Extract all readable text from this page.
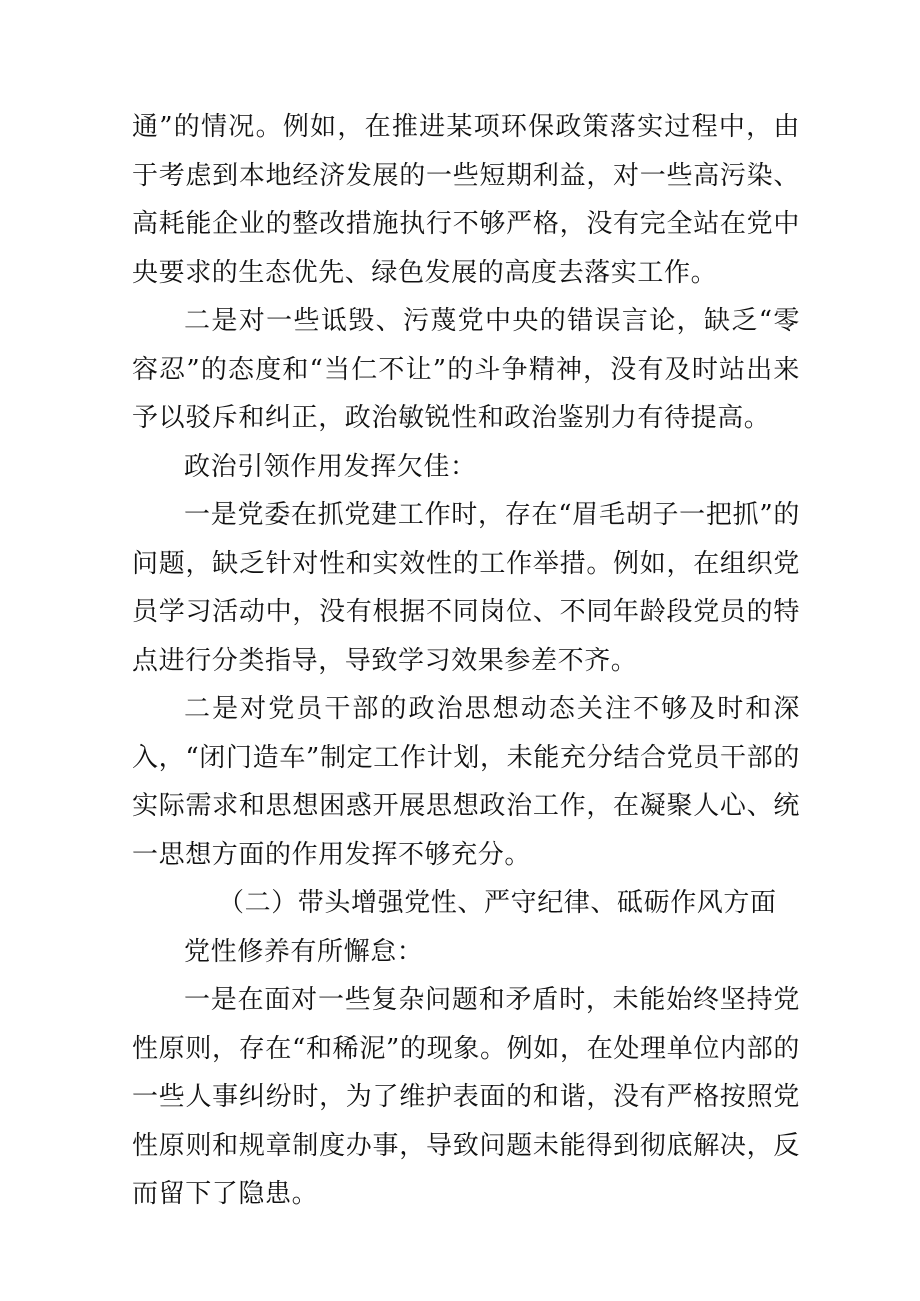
通”的情况。例如，在推进某项环保政策落实过程中，由于考虑到本地经济发展的一些短期利益，对一些高污染、高耗能企业的整改措施执行不够严格，没有完全站在党中央要求的生态优先、绿色发展的高度去落实工作。

二是对一些诋毁、污蔑党中央的错误言论，缺乏“零容忍”的态度和“当仁不让”的斗争精神，没有及时站出来予以驳斥和纠正，政治敏锐性和政治鉴别力有待提高。

政治引领作用发挥欠佳：

一是党委在抓党建工作时，存在“眉毛胡子一把抓”的问题，缺乏针对性和实效性的工作举措。例如，在组织党员学习活动中，没有根据不同岗位、不同年龄段党员的特点进行分类指导，导致学习效果参差不齐。

二是对党员干部的政治思想动态关注不够及时和深入，“闭门造车”制定工作计划，未能充分结合党员干部的实际需求和思想困惑开展思想政治工作，在凝聚人心、统一思想方面的作用发挥不够充分。

（二）带头增强党性、严守纪律、砥砺作风方面

党性修养有所懈怠：

一是在面对一些复杂问题和矛盾时，未能始终坚持党性原则，存在“和稀泥”的现象。例如，在处理单位内部的一些人事纠纷时，为了维护表面的和谐，没有严格按照党性原则和规章制度办事，导致问题未能得到彻底解决，反而留下了隐患。
